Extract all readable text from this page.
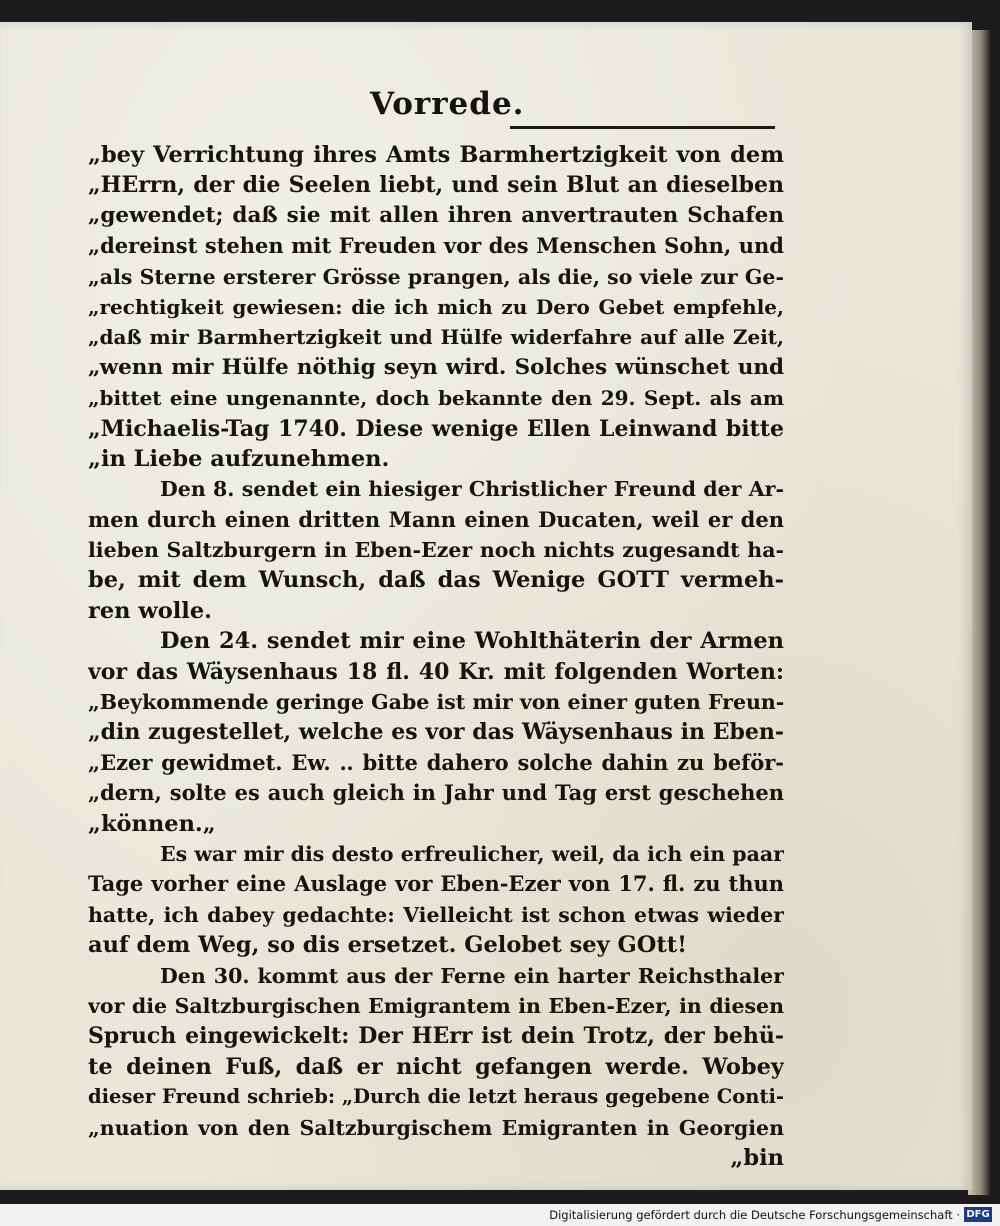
Vorrede.
„bey Verrichtung ihres Amts Barmhertzigkeit von dem
„HErrn, der die Seelen liebt, und sein Blut an dieselben
„gewendet; daß sie mit allen ihren anvertrauten Schafen
„dereinst stehen mit Freuden vor des Menschen Sohn, und
„als Sterne ersterer Grösse prangen, als die, so viele zur Ge-
„rechtigkeit gewiesen: die ich mich zu Dero Gebet empfehle,
„daß mir Barmhertzigkeit und Hülfe widerfahre auf alle Zeit,
„wenn mir Hülfe nöthig seyn wird. Solches wünschet und
„bittet eine ungenannte, doch bekannte den 29. Sept. als am
„Michaelis-Tag 1740. Diese wenige Ellen Leinwand bitte
„in Liebe aufzunehmen.
Den 8. sendet ein hiesiger Christlicher Freund der Ar-
men durch einen dritten Mann einen Ducaten, weil er den
lieben Saltzburgern in Eben-Ezer noch nichts zugesandt ha-
be, mit dem Wunsch, daß das Wenige GOTT vermeh-
ren wolle.
Den 24. sendet mir eine Wohlthäterin der Armen
vor das Wäysenhaus 18 fl. 40 Kr. mit folgenden Worten:
„Beykommende geringe Gabe ist mir von einer guten Freun-
„din zugestellet, welche es vor das Wäysenhaus in Eben-
„Ezer gewidmet. Ew. ‥ bitte dahero solche dahin zu beför-
„dern, solte es auch gleich in Jahr und Tag erst geschehen
„können.„
Es war mir dis desto erfreulicher, weil, da ich ein paar
Tage vorher eine Auslage vor Eben-Ezer von 17. fl. zu thun
hatte, ich dabey gedachte: Vielleicht ist schon etwas wieder
auf dem Weg, so dis ersetzet. Gelobet sey GOtt!
Den 30. kommt aus der Ferne ein harter Reichsthaler
vor die Saltzburgischen Emigrantem in Eben-Ezer, in diesen
Spruch eingewickelt: Der HErr ist dein Trotz, der behü-
te deinen Fuß, daß er nicht gefangen werde. Wobey
dieser Freund schrieb: „Durch die letzt heraus gegebene Conti-
„nuation von den Saltzburgischem Emigranten in Georgien
„bin
Digitalisierung gefördert durch die Deutsche Forschungsgemeinschaft · DFG
